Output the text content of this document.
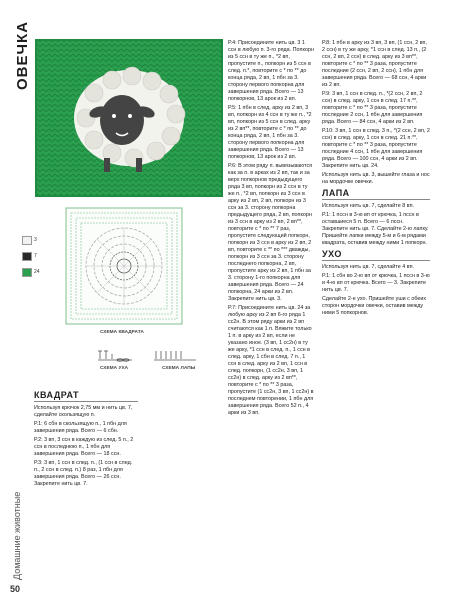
ОВЕЧКА
Домашние животные
50
3
7
24
СХЕМА КВАДРАТА
СХЕМА УХА	СХЕМА ЛАПЫ
КВАДРАТ

Используя крючок 2,75 мм и нить цв. 7, сделайте скользящую п.

Р.1: 6 сбн в скользящую п., 1 пбн для завершения ряда. Всего — 6 сбн.

Р.2: 3 вп, 3 ссн в каждую из след. 5 п., 2 ссн в последнюю п., 1 пбн для завершения ряда. Всего — 18 ссн.

Р.3: 3 вп, 1 ссн в след. п., (1 ссн в след. п., 2 ссн в след. п.) 8 раз, 1 пбн для завершения ряда. Всего — 26 ссн. Закрепите нить цв. 7.

Р.4: Присоедините нить цв. 3 1 ссн в любую п. 3-го ряда. Попкорн из 5 ссн в ту же п., *2 вп, пропустите п., попкорн из 5 ссн в след. п.*, повторите с * по ** до конца ряда, 2 вп, 1 пбн за 3. сторону первого попкорна для завершения ряда. Всего — 13 попкорнов, 13 арок из 2 вп.

Р.5: 1 пбн в след. арку из 2 вп, 3 вп, попкорн из 4 ссн в ту же п., *2 вп, попкорн из 5 ссн в след. арку из 2 вп**, повторите с * по ** до конца ряда, 2 вп, 1 пбн за 3. сторону первого попкорна для завершения ряда. Всего — 13 попкорнов, 13 арок из 2 вп.

Р.6: В этом ряду п. вывязываются как за п. в арках из 2 вп, так и за верх попкорнов предыдущего ряда 3 вп, попкорн из 2 ссн в ту же п., *2 вп, попкорн из 3 ссн в арку из 2 вп, 2 вп, попкорн из 3 ссн за 3. сторону попкорна предыдущего ряда, 2 вп, попкорн из 3 ссн в арку из 2 вп, 2 вп**, повторите с * по ** 7 раз, пропустите следующий попкорн, попкорн из 3 ссн в арку из 2 вп, 2 вп, повторите с ** по *** дважды, попкорн из 3 ссн за 3. сторону последнего попкорна, 2 вп, пропустите арку из 2 вп, 1 пбн за 3. сторону 1-го попкорна для завершения ряда. Всего — 24 попкорна, 24 арки из 2 вп. Закрепите нить цв. 3.

Р.7: Присоедините нить цв. 24 за любую арку из 2 вп 6-го ряда 1 сс2н. В этом ряду арки из 2 вп считаются как 1 п. Вяжите только 1 п. в арку из 2 вп, если не указано иное. (3 вп, 1 сс2н) в ту же арку, *1 ссн в след. п., 1 ссн в след. арку, 1 сбн в след. 7 п., 1 ссн в след. арку из 2 вп, 1 ссн в след. попкорн, (1 сс2н, 3 вп, 1 сс2н) в след. арку из 2 вп**, повторите с * по ** 3 раза, пропустите (1 сс2н, 3 вп, 1 сс2н) в последнем повторении, 1 пбн для завершения ряда. Всего 52 п., 4 арки из 3 вп.

Р.8: 1 пбн в арку из 3 вп, 3 вп, (1 ссн, 2 вп, 2 ссн) в ту же арку, *1 ссн в след. 13 п., (2 ссн, 2 вп, 2 ссн) в след. арку из 3 вп**, повторите с * по ** 3 раза, пропустите последние (2 ссн, 2 вп, 2 ссн), 1 пбн для завершения ряда. Всего — 68 ссн, 4 арки из 2 вп.

Р.9: 3 вп, 1 ссн в след. п., *(2 ссн, 2 вп, 2 ссн) в след. арку, 1 ссн в след. 17 п.**, повторите с * по ** 3 раза, пропустите последние 2 ссн, 1 пбн для завершения ряда. Всего — 84 ссн, 4 арки из 2 вп.

Р.10: 3 вп, 1 ссн в след. 3 п., *(2 ссн, 2 вп, 2 ссн) в след. арку, 1 ссн в след. 21 п.**, повторите с * по ** 3 раза, пропустите последние 4 ссн, 1 пбн для завершения ряда. Всего — 100 ссн, 4 арки из 2 вп. Закрепите нить цв. 24.

Используя нить цв. 3, вышейте глаза и нос на мордочке овечки.

ЛАПА

Используя нить цв. 7, сделайте 8 вп.

Р.1: 1 пссн в 3-ю вп от крючка, 1 пссн в оставшиеся 5 п. Всего — 6 пссн. Закрепите нить цв. 7. Сделайте 2-ю лапку. Пришейте лапки между 5-м и 6-м рядами квадрата, оставив между ними 1 попкорн.

УХО

Используя нить цв. 7, сделайте 4 вп.

Р.1: 1 сбн во 2-ю вп от крючка, 1 пссн в 3-ю и 4-ю вп от крючка. Всего — 3. Закрепите нить цв. 7.

Сделайте 2-е ухо. Пришейте уши с обеих сторон мордочки овечки, оставив между ними 5 попкорнов.
